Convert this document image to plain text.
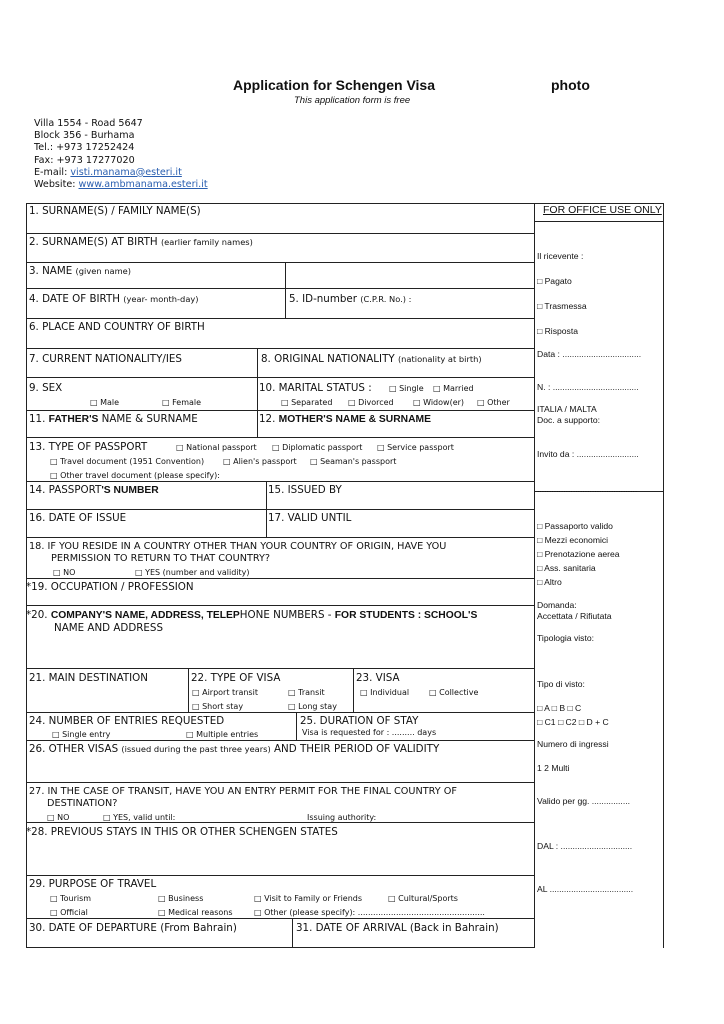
Application for Schengen Visa	photo
This application form is free
Villa 1554 - Road 5647
Block 356 - Burhama
Tel.: +973 17252424
Fax: +973 17277020
E-mail: visti.manama@esteri.it
Website: www.ambmanama.esteri.it
1. SURNAME(S) / FAMILY NAME(S)
2. SURNAME(S) AT BIRTH (earlier family names)
3. NAME (given name)
4. DATE OF BIRTH (year- month-day)	5. ID-number (C.P.R. No.) :
6. PLACE AND COUNTRY OF BIRTH
7. CURRENT NATIONALITY/IES	8. ORIGINAL NATIONALITY (nationality at birth)
9. SEX
□ Male	□ Female
10. MARITAL STATUS : □ Single □ Married
□ Separated □ Divorced □ Widow(er) □ Other
11. FATHER'S NAME & SURNAME	12. MOTHER'S NAME & SURNAME
13. TYPE OF PASSPORT	□ National passport □ Diplomatic passport □ Service passport
□ Travel document (1951 Convention) □ Alien's passport □ Seaman's passport
□ Other travel document (please specify):
14. PASSPORT'S NUMBER	15. ISSUED BY
16. DATE OF ISSUE	17. VALID UNTIL
18. IF YOU RESIDE IN A COUNTRY OTHER THAN YOUR COUNTRY OF ORIGIN, HAVE YOU
PERMISSION TO RETURN TO THAT COUNTRY?
□ NO	□ YES (number and validity)
*19. OCCUPATION / PROFESSION
*20. COMPANY'S NAME, ADDRESS, TELEPHONE NUMBERS - FOR STUDENTS : SCHOOL'S
NAME AND ADDRESS
21. MAIN DESTINATION	22. TYPE OF VISA
□ Airport transit	□ Transit
□ Short stay	□ Long stay
23. VISA
□ Individual □ Collective
24. NUMBER OF ENTRIES REQUESTED
□ Single entry	□ Multiple entries
25. DURATION OF STAY
Visa is requested for : ......... days
26. OTHER VISAS (issued during the past three years) AND THEIR PERIOD OF VALIDITY
27. IN THE CASE OF TRANSIT, HAVE YOU AN ENTRY PERMIT FOR THE FINAL COUNTRY OF
DESTINATION?
□ NO	□ YES, valid until:	Issuing authority:
*28. PREVIOUS STAYS IN THIS OR OTHER SCHENGEN STATES
29. PURPOSE OF TRAVEL
□ Tourism	□ Business	□ Visit to Family or Friends	□ Cultural/Sports
□ Official	□ Medical reasons	□ Other (please specify): ..................................................
30. DATE OF DEPARTURE (From Bahrain)	31. DATE OF ARRIVAL (Back in Bahrain)
FOR OFFICE USE ONLY
Il ricevente :
□ Pagato
□ Trasmessa
□ Risposta
Data : .................................
N. : ....................................
ITALIA / MALTA
Doc. a supporto:
Invito da : ..........................
..........................................
□ Passaporto valido
□ Mezzi economici
□ Prenotazione aerea
□ Ass. sanitaria
□ Altro
Domanda:
Accettata / Rifiutata
Tipologia visto:
Tipo di visto:
□ A □ B □ C
□ C1 □ C2 □ D + C
Numero di ingressi
1 2 Multi
Valido per gg. ................
DAL : ..............................
AL ...................................
